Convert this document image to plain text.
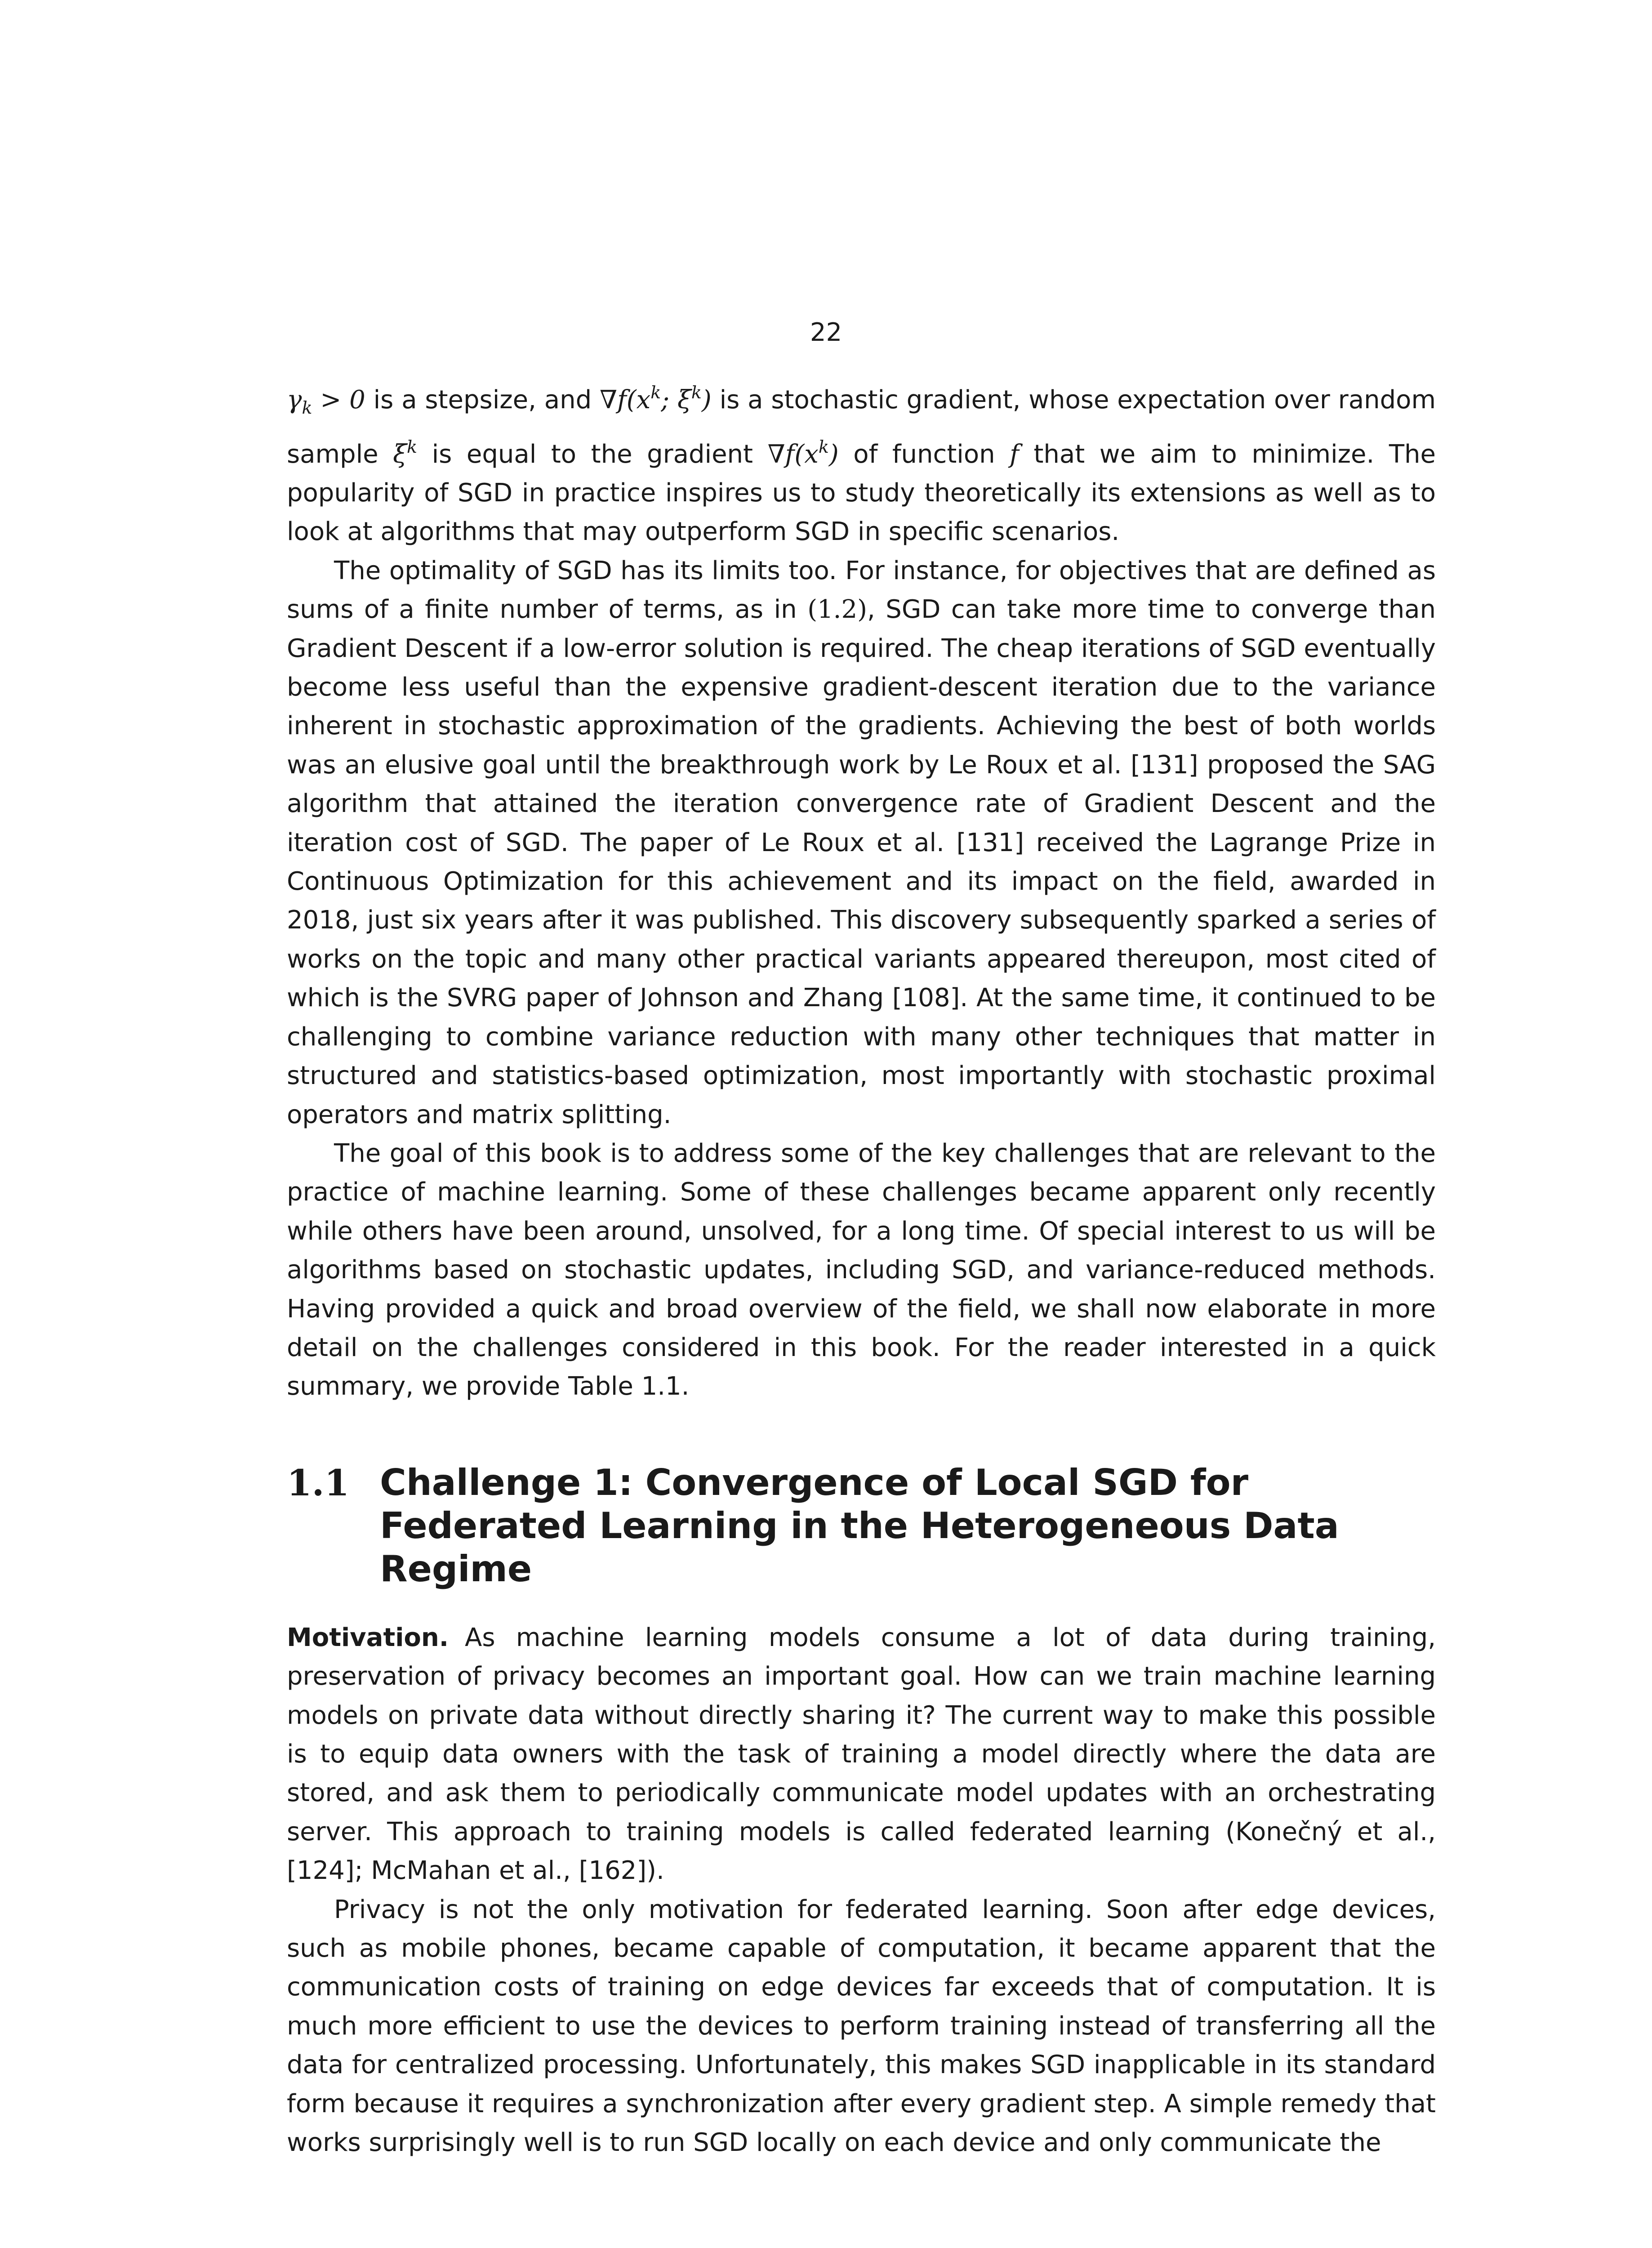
22

$\gamma_k > 0$ is a stepsize, and $\nabla f(x^k$; $\xi^k$) is a stochastic gradient, whose expectation over random sample $\xi^k$ is equal to the gradient $\nabla f(x^k)$ of function f that we aim to minimize. The popularity of SGD in practice inspires us to study theoretically its extensions as well as to look at algorithms that may outperform SGD in specific scenarios.

The optimality of SGD has its limits too. For instance, for objectives that are defined as sums of a finite number of terms, as in (1.2), SGD can take more time to converge than Gradient Descent if a low-error solution is required. The cheap iterations of SGD eventually become less useful than the expensive gradient-descent iteration due to the variance inherent in stochastic approximation of the gradients. Achieving the best of both worlds was an elusive goal until the breakthrough work by Le Roux et al. [131] proposed the SAG algorithm that attained the iteration convergence rate of Gradient Descent and the iteration cost of SGD. The paper of Le Roux et al. [131] received the Lagrange Prize in Continuous Optimization for this achievement and its impact on the field, awarded in 2018, just six years after it was published. This discovery subsequently sparked a series of works on the topic and many other practical variants appeared thereupon, most cited of which is the SVRG paper of Johnson and Zhang [108]. At the same time, it continued to be challenging to combine variance reduction with many other techniques that matter in structured and statistics-based optimization, most importantly with stochastic proximal operators and matrix splitting.

The goal of this book is to address some of the key challenges that are relevant to the practice of machine learning. Some of these challenges became apparent only recently while others have been around, unsolved, for a long time. Of special interest to us will be algorithms based on stochastic updates, including SGD, and variance-reduced methods. Having provided a quick and broad overview of the field, we shall now elaborate in more detail on the challenges considered in this book. For the reader interested in a quick summary, we provide Table 1.1.

1.1 Challenge 1: Convergence of Local SGD for Federated Learning in the Heterogeneous Data Regime

Motivation. As machine learning models consume a lot of data during training, preservation of privacy becomes an important goal. How can we train machine learning models on private data without directly sharing it? The current way to make this possible is to equip data owners with the task of training a model directly where the data are stored, and ask them to periodically communicate model updates with an orchestrating server. This approach to training models is called federated learning (Konečný et al., [124]; McMahan et al., [162]).

Privacy is not the only motivation for federated learning. Soon after edge devices, such as mobile phones, became capable of computation, it became apparent that the communication costs of training on edge devices far exceeds that of computation. It is much more efficient to use the devices to perform training instead of transferring all the data for centralized processing. Unfortunately, this makes SGD inapplicable in its standard form because it requires a synchronization after every gradient step. A simple remedy that works surprisingly well is to run SGD locally on each device and only communicate the
